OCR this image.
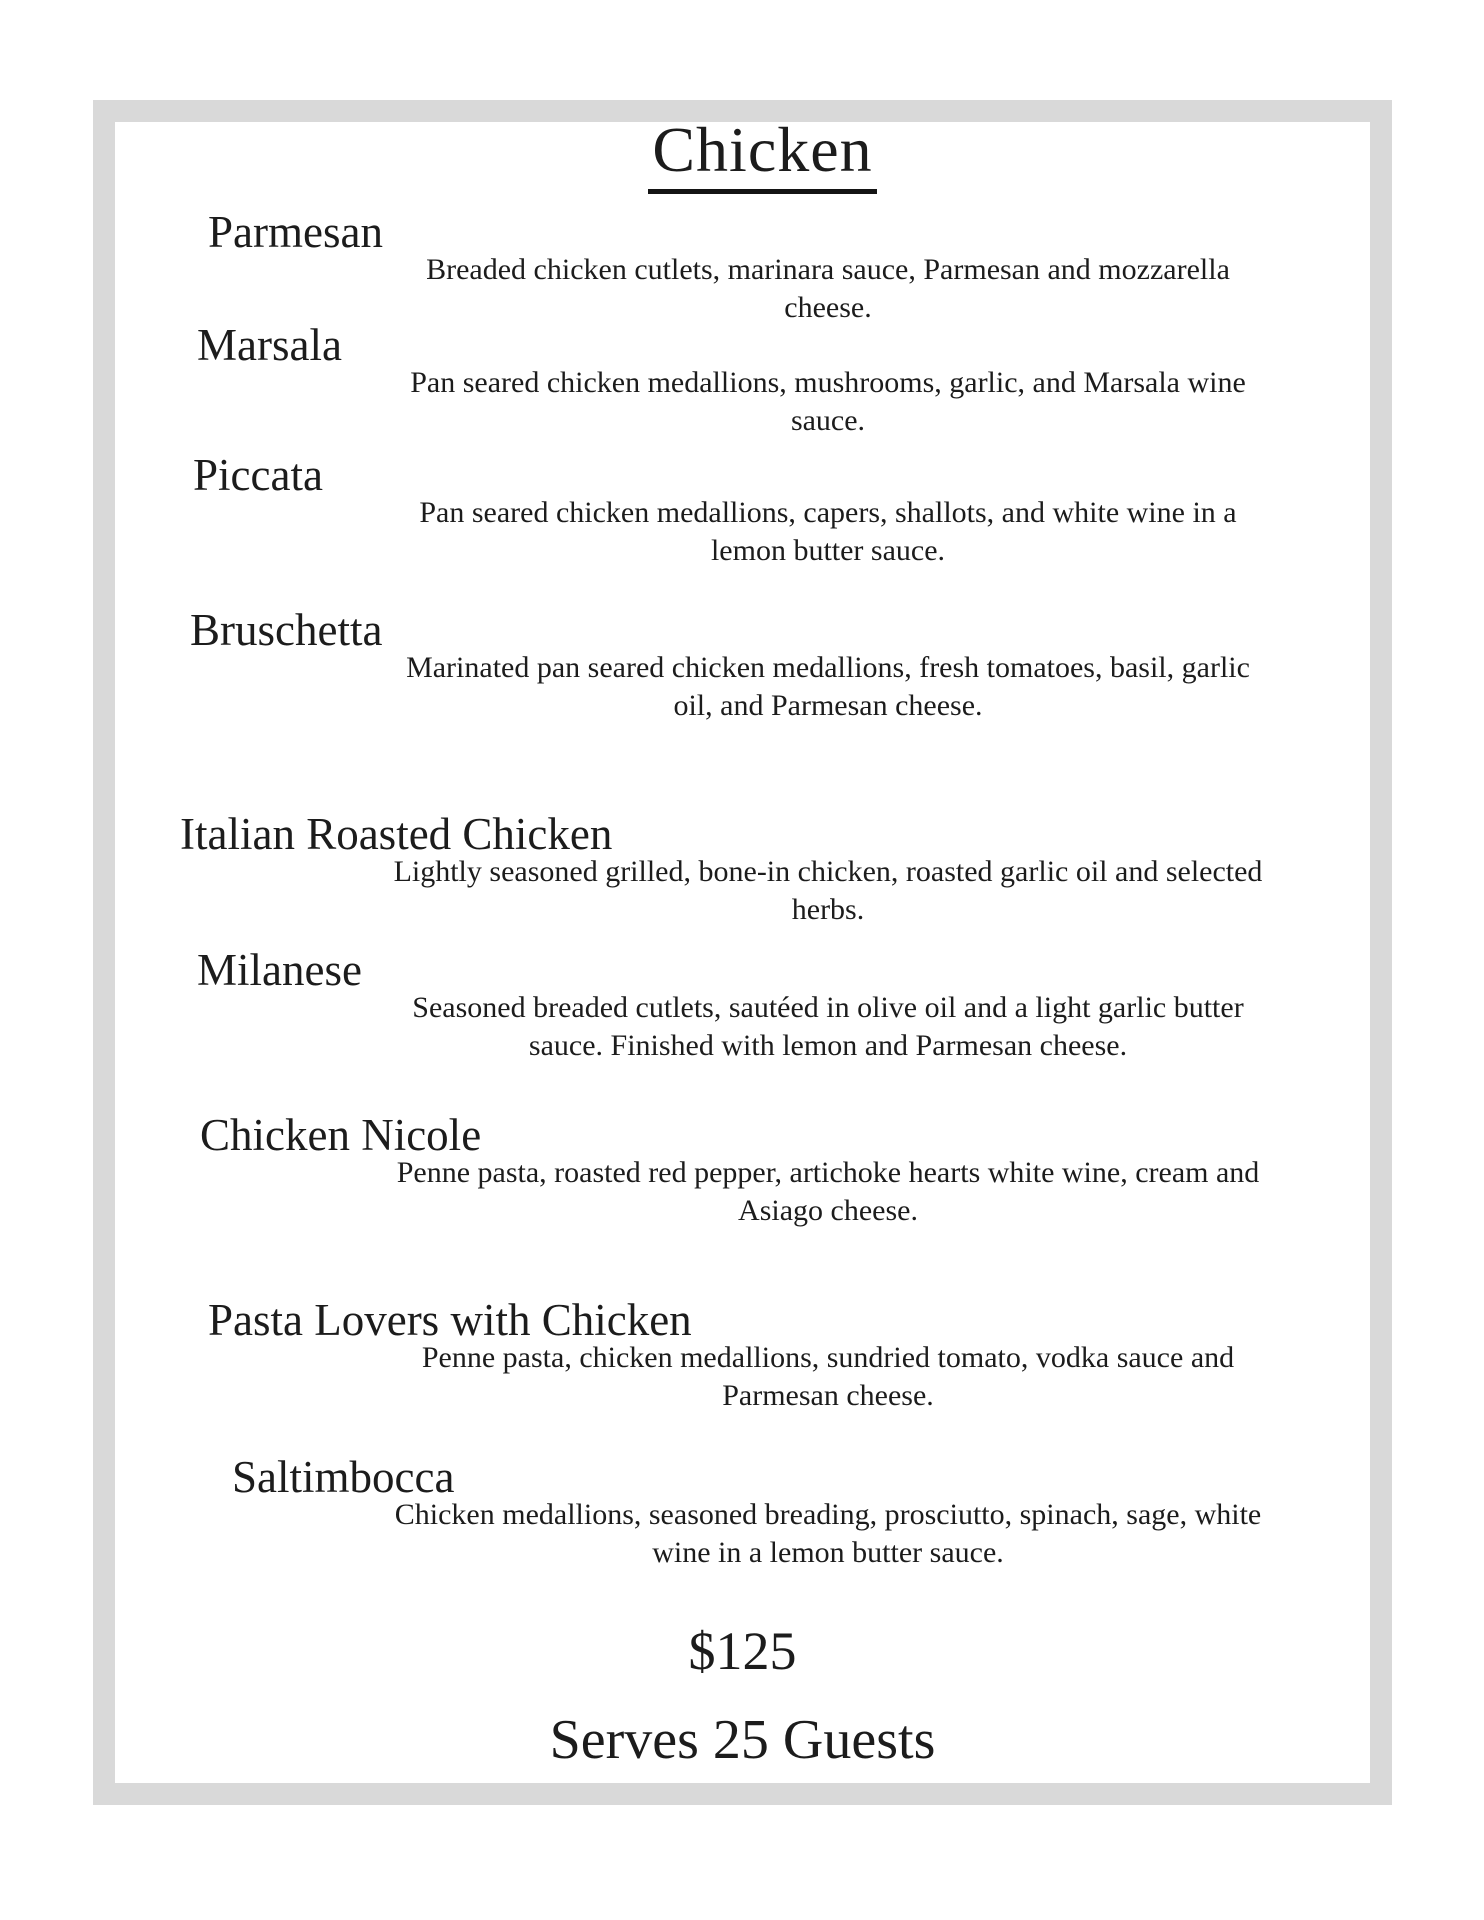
Chicken
Parmesan
Breaded chicken cutlets, marinara sauce, Parmesan and mozzarella
cheese.
Marsala
Pan seared chicken medallions, mushrooms, garlic, and Marsala wine
sauce.
Piccata
Pan seared chicken medallions, capers, shallots, and white wine in a
lemon butter sauce.
Bruschetta
Marinated pan seared chicken medallions, fresh tomatoes, basil, garlic
oil, and Parmesan cheese.
Italian Roasted Chicken
Lightly seasoned grilled, bone-in chicken, roasted garlic oil and selected
herbs.
Milanese
Seasoned breaded cutlets, sautéed in olive oil and a light garlic butter
sauce. Finished with lemon and Parmesan cheese.
Chicken Nicole
Penne pasta, roasted red pepper, artichoke hearts white wine, cream and
Asiago cheese.
Pasta Lovers with Chicken
Penne pasta, chicken medallions, sundried tomato, vodka sauce and
Parmesan cheese.
Saltimbocca
Chicken medallions, seasoned breading, prosciutto, spinach, sage, white
wine in a lemon butter sauce.
$125
Serves 25 Guests
